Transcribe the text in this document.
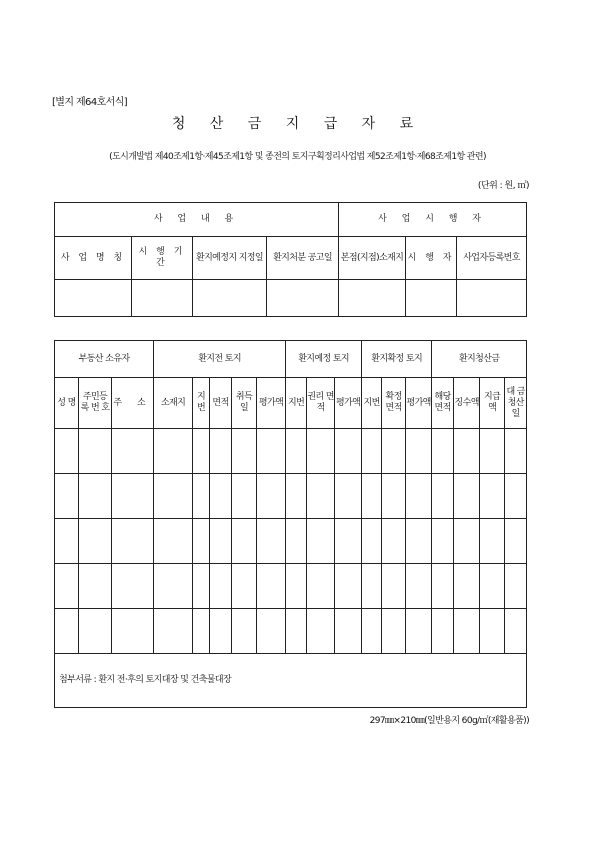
[별지 제64호서식]
청 산 금 지 급 자 료
(도시개발법 제40조제1항·제45조제1항 및 종전의 토지구획정리사업법 제52조제1항·제68조제1항 관련)
(단위 : 원, ㎡)
사 업 내 용				사 업 시 행 자		
사 업 명 칭	시 행 기 간	환지예정지 지정일	환지처분 공고일	본점(지점)소재지	시 행 자	사업자등록번호

부동산 소유자			환지전 토지					환지예정 토지			환지확정 토지			환지청산금			
성 명	주민등록 번 호	주 소	소재지	지번	면적	취득일	평가액	지번	권리 면적	평가액	지번	확정 면적	평가액	해당 면적	징수액	지급액	대 금 청산일

첨부서류 : 환지 전·후의 토지대장 및 건축물대장																	
297㎜×210㎜(일반용지 60g/㎡(재활용품))
